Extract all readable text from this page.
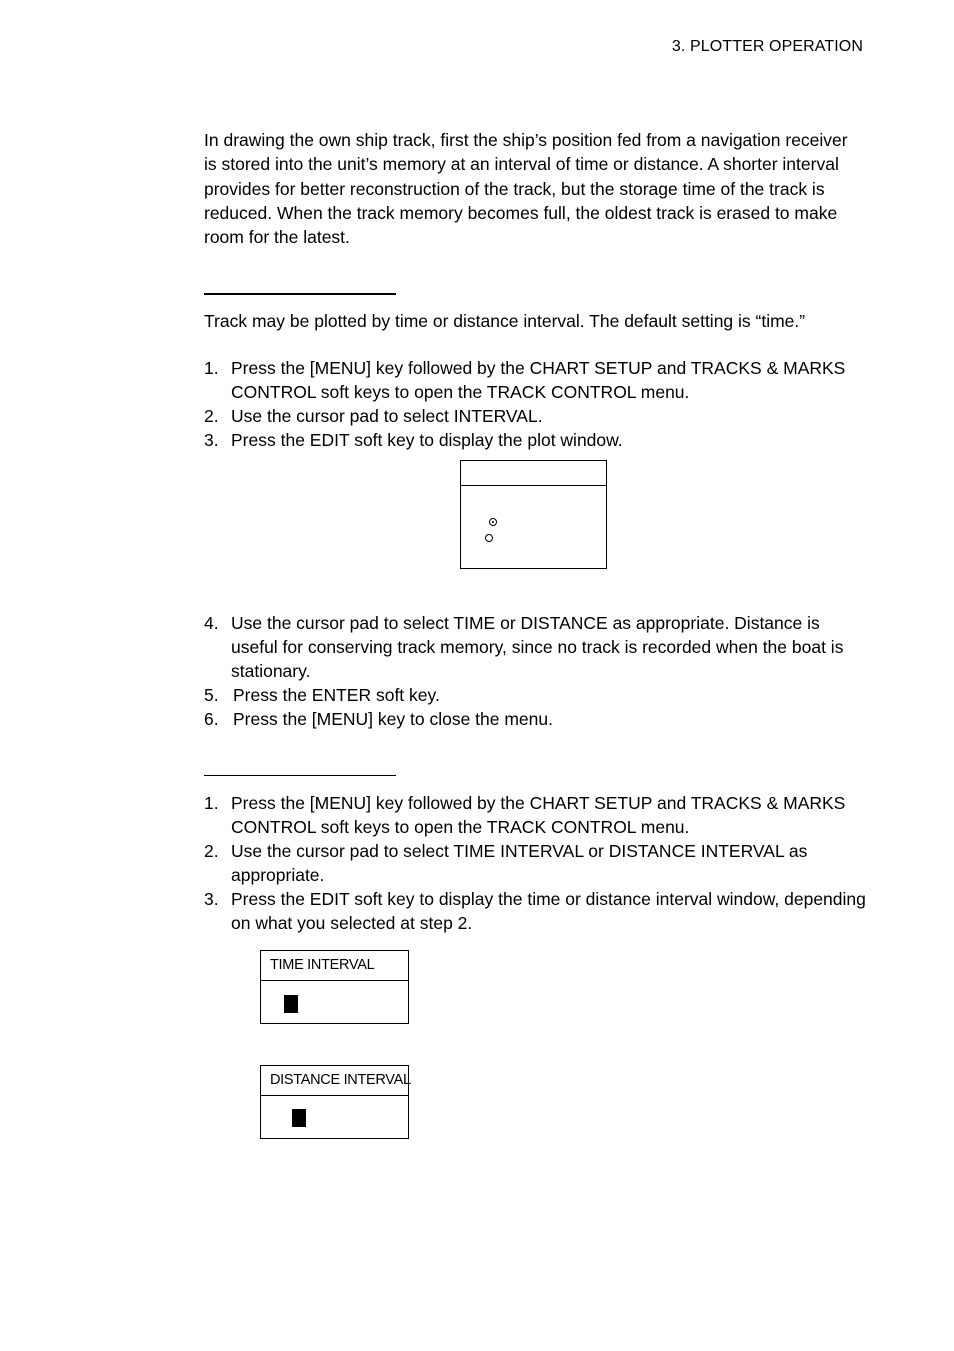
3. PLOTTER OPERATION

In drawing the own ship track, first the ship’s position fed from a navigation receiver is stored into the unit’s memory at an interval of time or distance. A shorter interval provides for better reconstruction of the track, but the storage time of the track is reduced. When the track memory becomes full, the oldest track is erased to make room for the latest.

Track may be plotted by time or distance interval. The default setting is “time.”

1. Press the [MENU] key followed by the CHART SETUP and TRACKS & MARKS CONTROL soft keys to open the TRACK CONTROL menu.
2. Use the cursor pad to select INTERVAL.
3. Press the EDIT soft key to display the plot window.
4. Use the cursor pad to select TIME or DISTANCE as appropriate. Distance is useful for conserving track memory, since no track is recorded when the boat is stationary.
5. Press the ENTER soft key.
6. Press the [MENU] key to close the menu.
1. Press the [MENU] key followed by the CHART SETUP and TRACKS & MARKS CONTROL soft keys to open the TRACK CONTROL menu.
2. Use the cursor pad to select TIME INTERVAL or DISTANCE INTERVAL as appropriate.
3. Press the EDIT soft key to display the time or distance interval window, depending on what you selected at step 2.
TIME INTERVAL
DISTANCE INTERVAL
